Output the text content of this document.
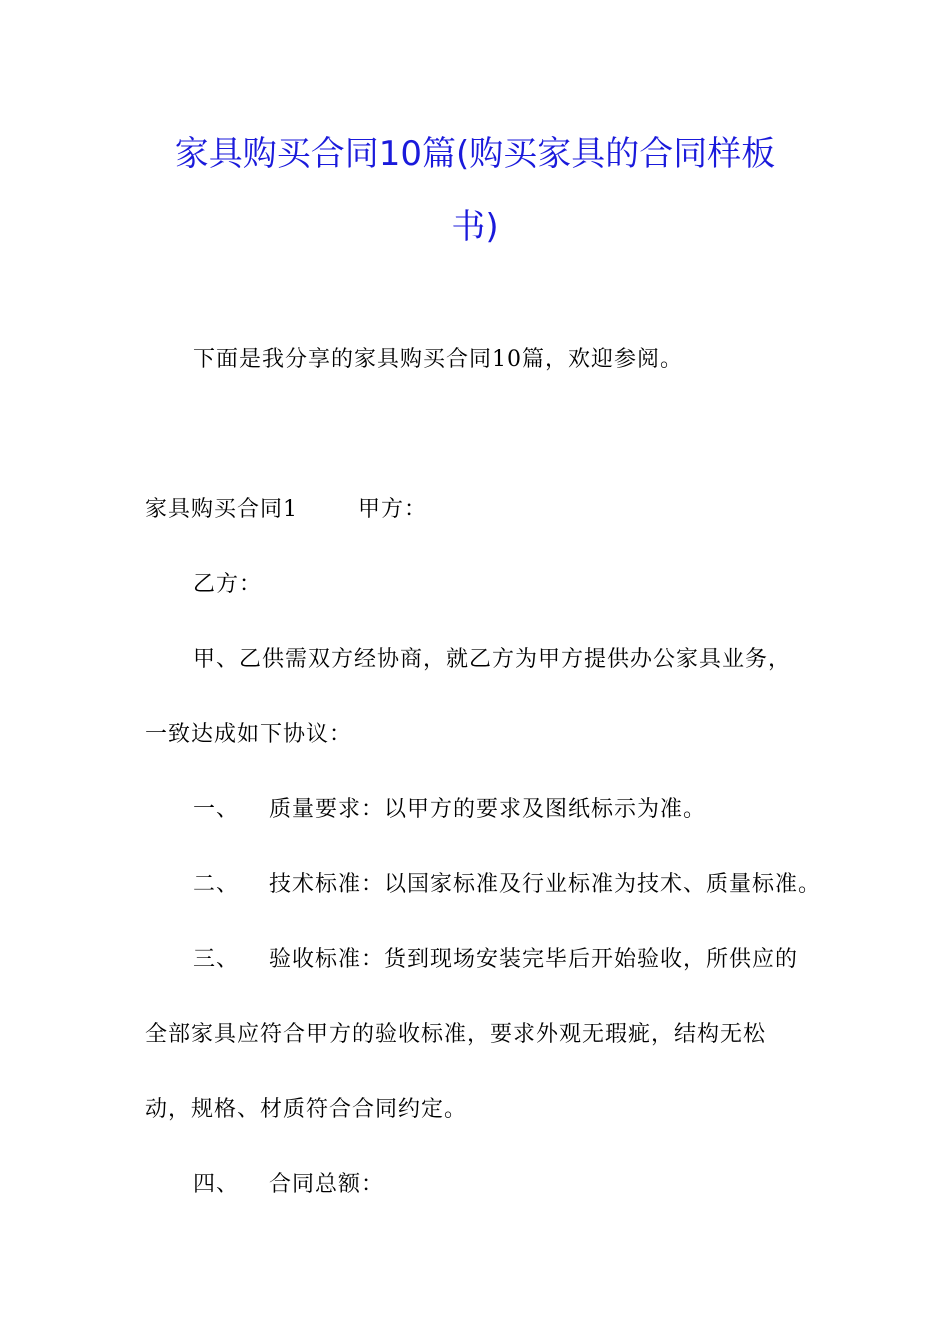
家具购买合同10篇(购买家具的合同样板
书)
下面是我分享的家具购买合同10篇，欢迎参阅。
家具购买合同1	甲方：
乙方：
甲、乙供需双方经协商，就乙方为甲方提供办公家具业务，
一致达成如下协议：
一、 质量要求：以甲方的要求及图纸标示为准。
二、 技术标准：以国家标准及行业标准为技术、质量标准。
三、 验收标准：货到现场安装完毕后开始验收，所供应的
全部家具应符合甲方的验收标准，要求外观无瑕疵，结构无松
动，规格、材质符合合同约定。
四、 合同总额：
